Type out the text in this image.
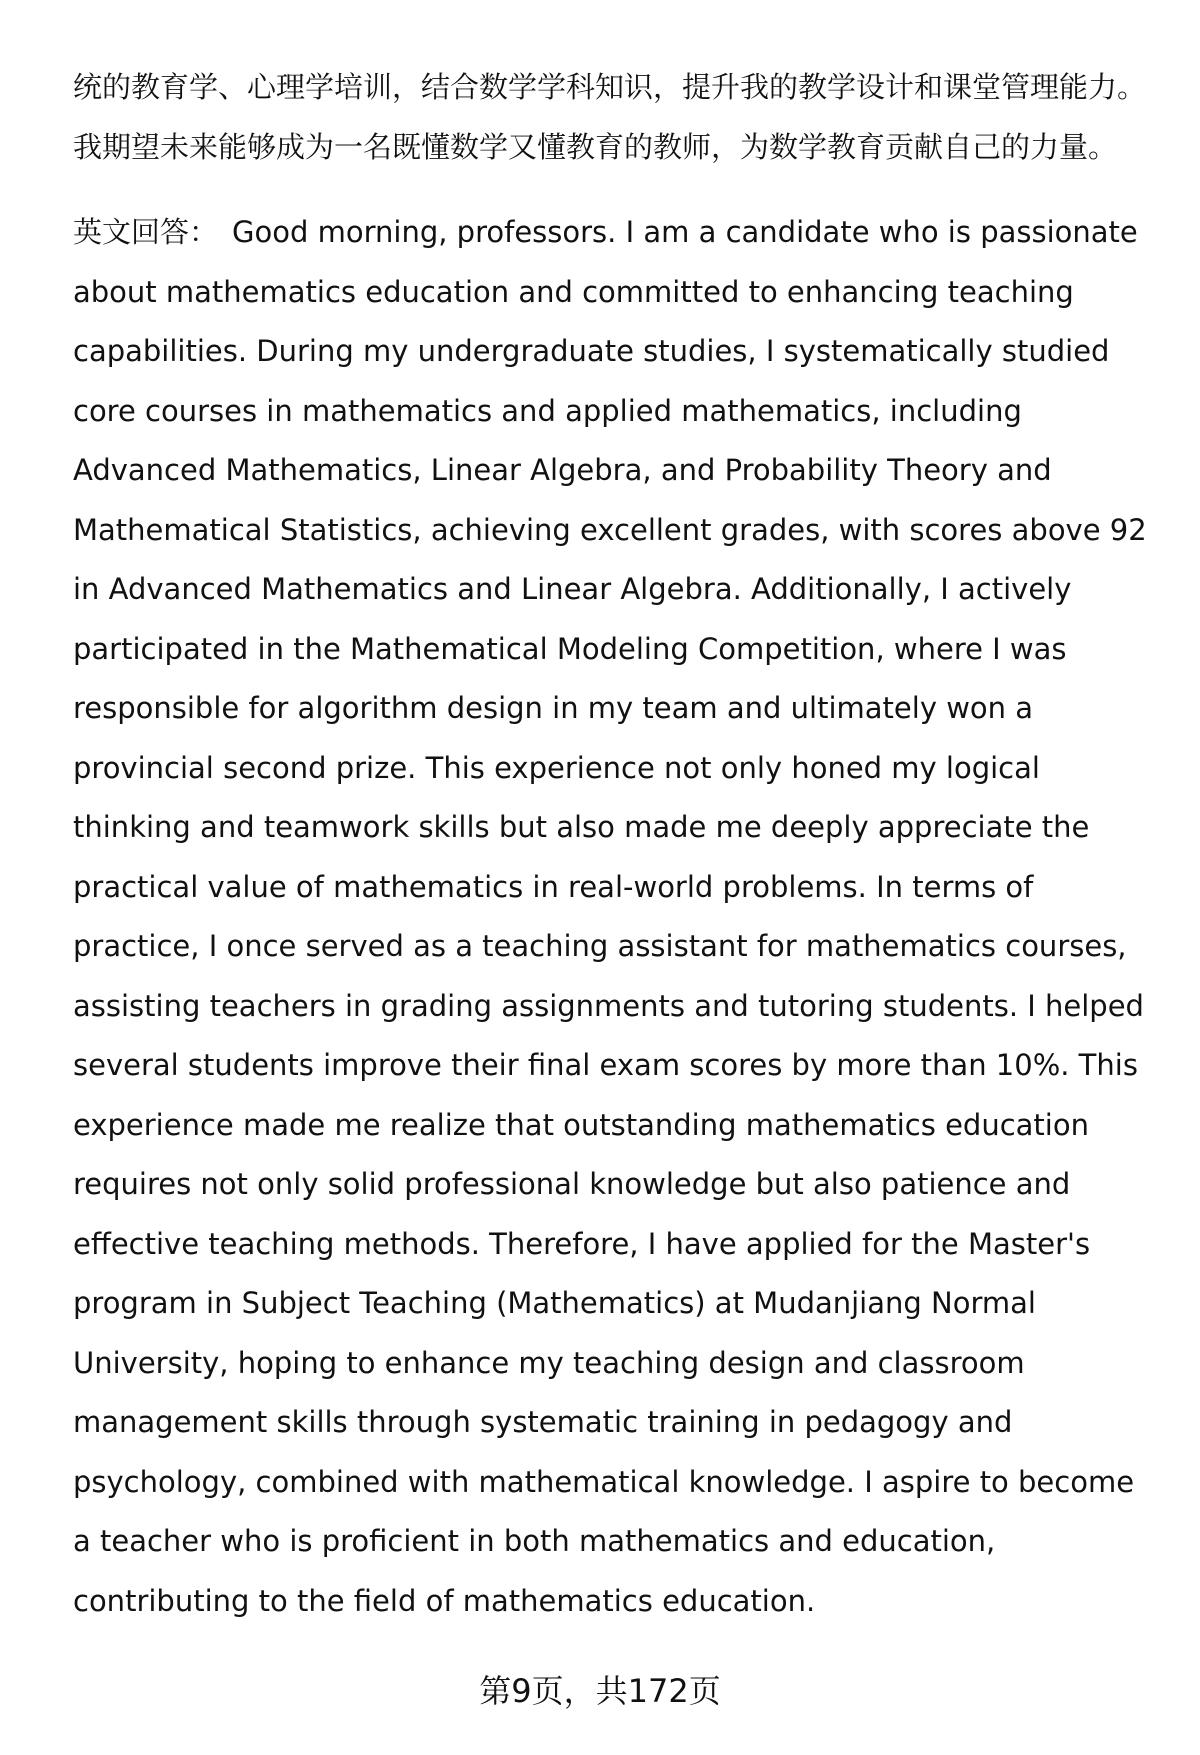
统的教育学、心理学培训，结合数学学科知识，提升我的教学设计和课堂管理能力。我期望未来能够成为一名既懂数学又懂教育的教师，为数学教育贡献自己的力量。

英文回答： Good morning, professors. I am a candidate who is passionate about mathematics education and committed to enhancing teaching capabilities. During my undergraduate studies, I systematically studied core courses in mathematics and applied mathematics, including Advanced Mathematics, Linear Algebra, and Probability Theory and Mathematical Statistics, achieving excellent grades, with scores above 92 in Advanced Mathematics and Linear Algebra. Additionally, I actively participated in the Mathematical Modeling Competition, where I was responsible for algorithm design in my team and ultimately won a provincial second prize. This experience not only honed my logical thinking and teamwork skills but also made me deeply appreciate the practical value of mathematics in real-world problems. In terms of practice, I once served as a teaching assistant for mathematics courses, assisting teachers in grading assignments and tutoring students. I helped several students improve their final exam scores by more than 10%. This experience made me realize that outstanding mathematics education requires not only solid professional knowledge but also patience and effective teaching methods. Therefore, I have applied for the Master's program in Subject Teaching (Mathematics) at Mudanjiang Normal University, hoping to enhance my teaching design and classroom management skills through systematic training in pedagogy and psychology, combined with mathematical knowledge. I aspire to become a teacher who is proficient in both mathematics and education, contributing to the field of mathematics education.

第9页，共172页
